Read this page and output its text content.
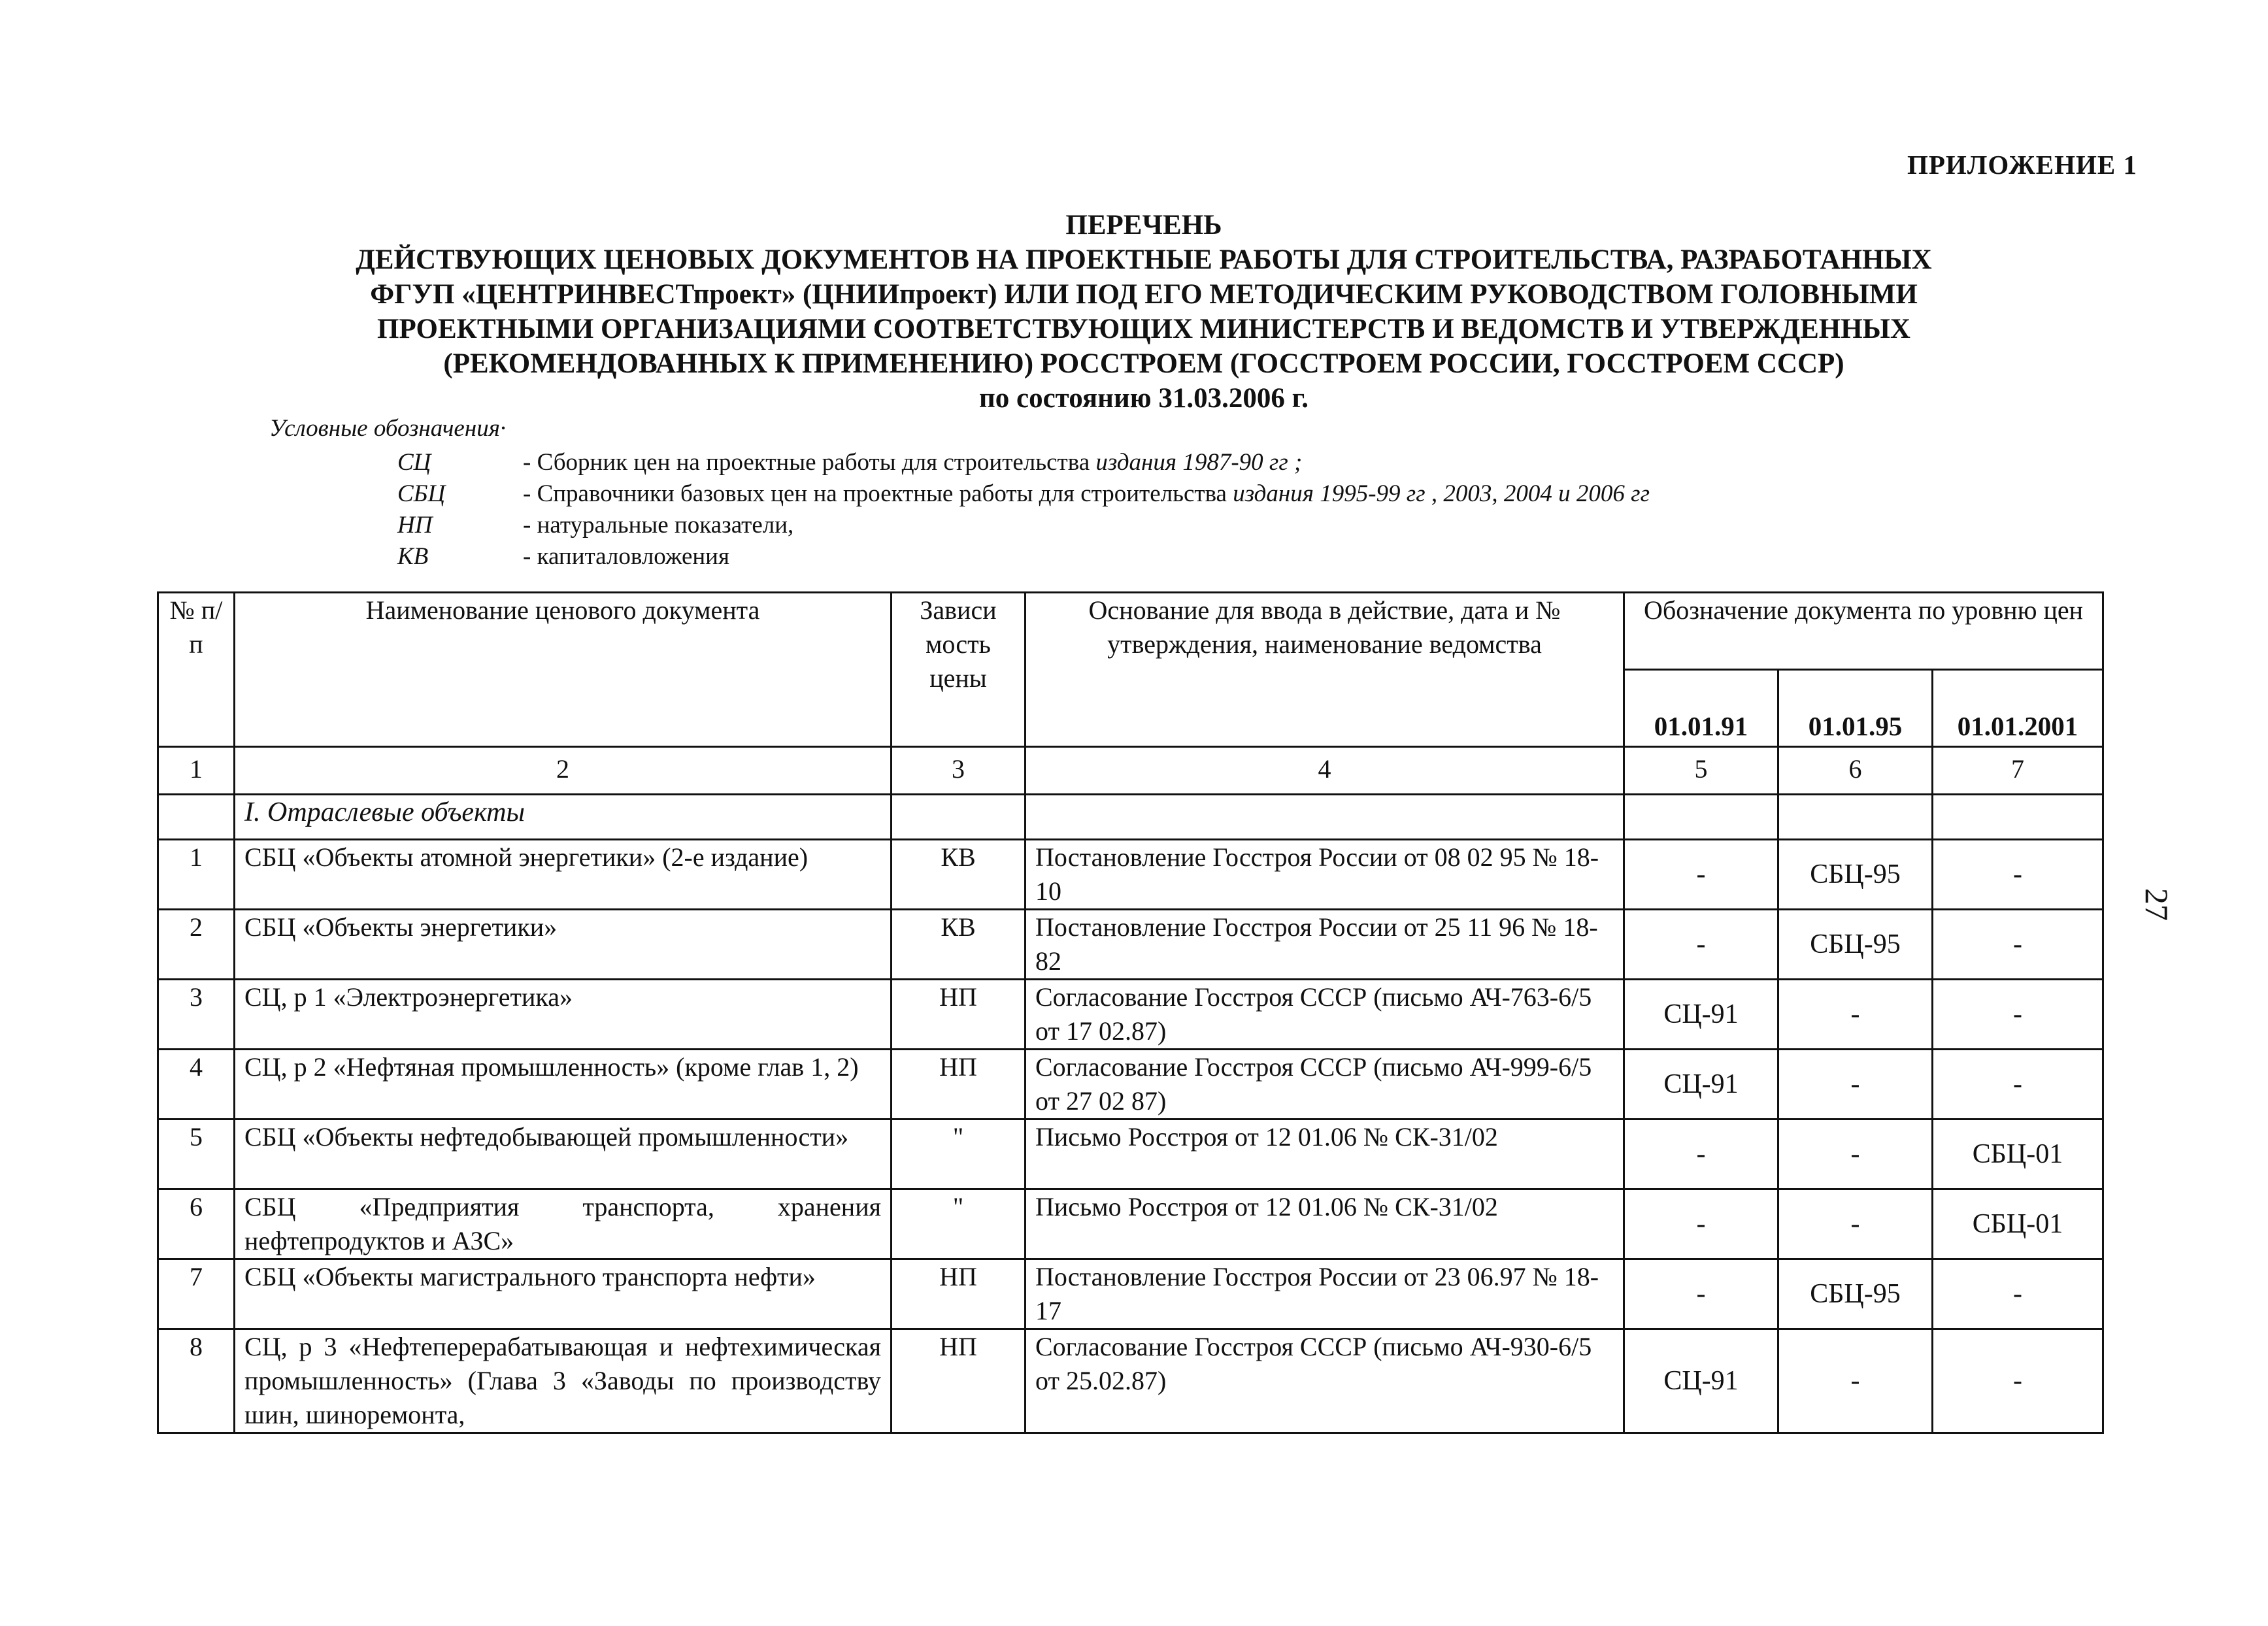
ПРИЛОЖЕНИЕ 1
ПЕРЕЧЕНЬ
ДЕЙСТВУЮЩИХ ЦЕНОВЫХ ДОКУМЕНТОВ НА ПРОЕКТНЫЕ РАБОТЫ ДЛЯ СТРОИТЕЛЬСТВА, РАЗРАБОТАННЫХ
ФГУП «ЦЕНТРИНВЕСТпроект» (ЦНИИпроект) ИЛИ ПОД ЕГО МЕТОДИЧЕСКИМ РУКОВОДСТВОМ ГОЛОВНЫМИ
ПРОЕКТНЫМИ ОРГАНИЗАЦИЯМИ СООТВЕТСТВУЮЩИХ МИНИСТЕРСТВ И ВЕДОМСТВ И УТВЕРЖДЕННЫХ
(РЕКОМЕНДОВАННЫХ К ПРИМЕНЕНИЮ) РОССТРОЕМ (ГОССТРОЕМ РОССИИ, ГОССТРОЕМ СССР)
по состоянию 31.03.2006 г.
Условные обозначения·
СЦ	- Сборник цен на проектные работы для строительства издания 1987-90 гг ;
СБЦ	- Справочники базовых цен на проектные работы для строительства издания 1995-99 гг , 2003, 2004 и 2006 гг
НП	- натуральные показатели,
КВ	- капиталовложения
27
№ п/п	Наименование ценового документа	Зависи мость цены	Основание для ввода в действие, дата и № утверждения, наименование ведомства	Обозначение документа по уровню цен		
				01.01.91	01.01.95	01.01.2001
1	2	3	4	5	6	7
	I. Отраслевые объекты					
1	СБЦ «Объекты атомной энергетики» (2-е издание)	КВ	Постановление Госстроя России от 08 02 95 № 18-10	-	СБЦ-95	-
2	СБЦ «Объекты энергетики»	КВ	Постановление Госстроя России от 25 11 96 № 18-82	-	СБЦ-95	-
3	СЦ, р 1 «Электроэнергетика»	НП	Согласование Госстроя СССР (письмо АЧ-763-6/5 от 17 02.87)	СЦ-91	-	-
4	СЦ, р 2 «Нефтяная промышленность» (кроме глав 1, 2)	НП	Согласование Госстроя СССР (письмо АЧ-999-6/5 от 27 02 87)	СЦ-91	-	-
5	СБЦ «Объекты нефтедобывающей промышленности»	"	Письмо Росстроя от 12 01.06 № СК-31/02	-	-	СБЦ-01
6	СБЦ «Предприятия транспорта, хранения нефтепродуктов и АЗС»	"	Письмо Росстроя от 12 01.06 № СК-31/02	-	-	СБЦ-01
7	СБЦ «Объекты магистрального транспорта нефти»	НП	Постановление Госстроя России от 23 06.97 № 18-17	-	СБЦ-95	-
8	СЦ, р 3 «Нефтеперерабатывающая и нефтехимическая промышленность» (Глава 3 «Заводы по производству шин, шиноремонта,	НП	Согласование Госстроя СССР (письмо АЧ-930-6/5 от 25.02.87)	СЦ-91	-	-
